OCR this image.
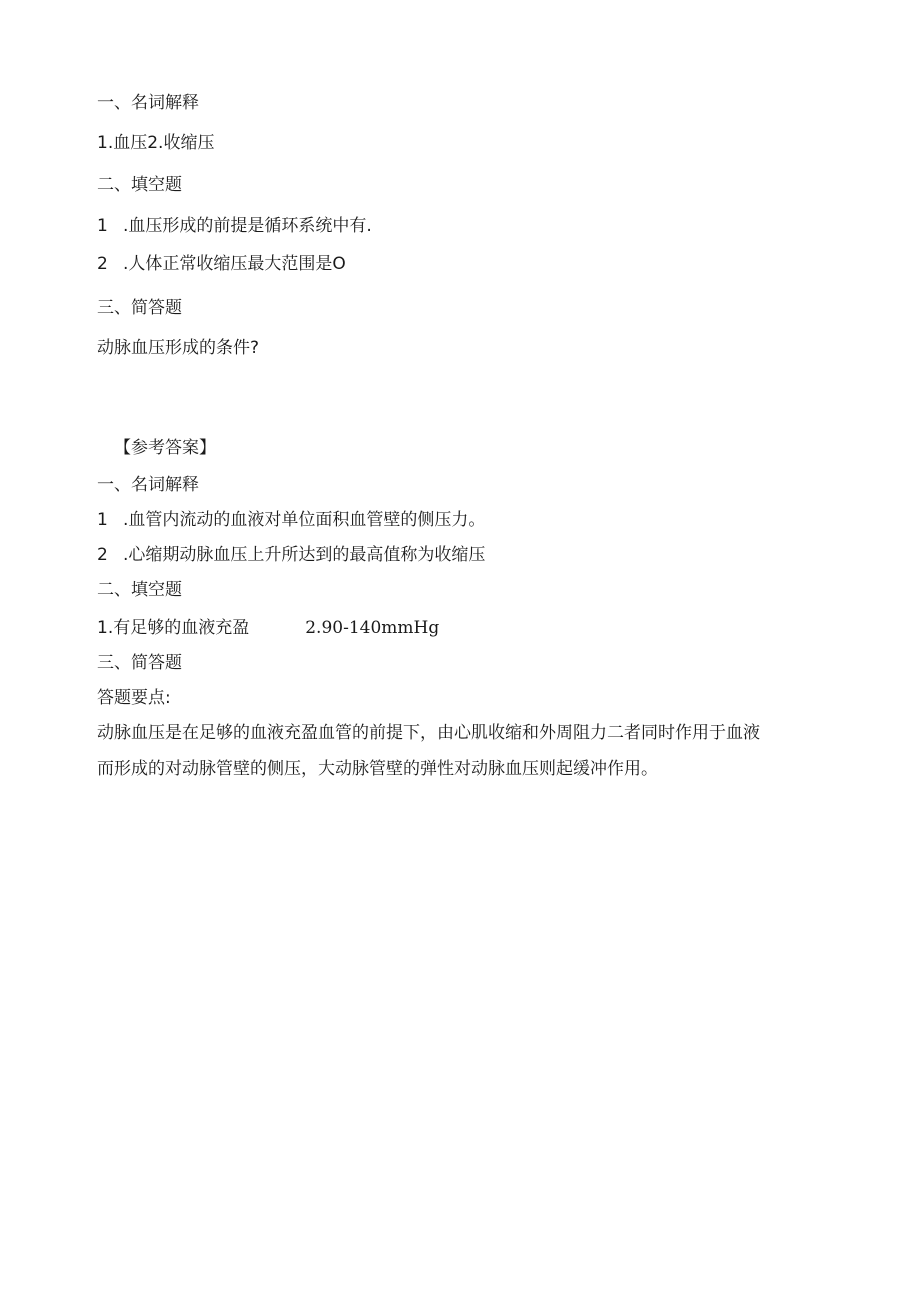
一、名词解释
1.血压2.收缩压
二、填空题
1 .血压形成的前提是循环系统中有.
2 .人体正常收缩压最大范围是O
三、简答题
动脉血压形成的条件?
【参考答案】
一、名词解释
1 .血管内流动的血液对单位面积血管壁的侧压力。
2 .心缩期动脉血压上升所达到的最高值称为收缩压
二、填空题
1.有足够的血液充盈	2.90-140mmHg
三、简答题
答题要点:
动脉血压是在足够的血液充盈血管的前提下，由心肌收缩和外周阻力二者同时作用于血液
而形成的对动脉管壁的侧压，大动脉管壁的弹性对动脉血压则起缓冲作用。
